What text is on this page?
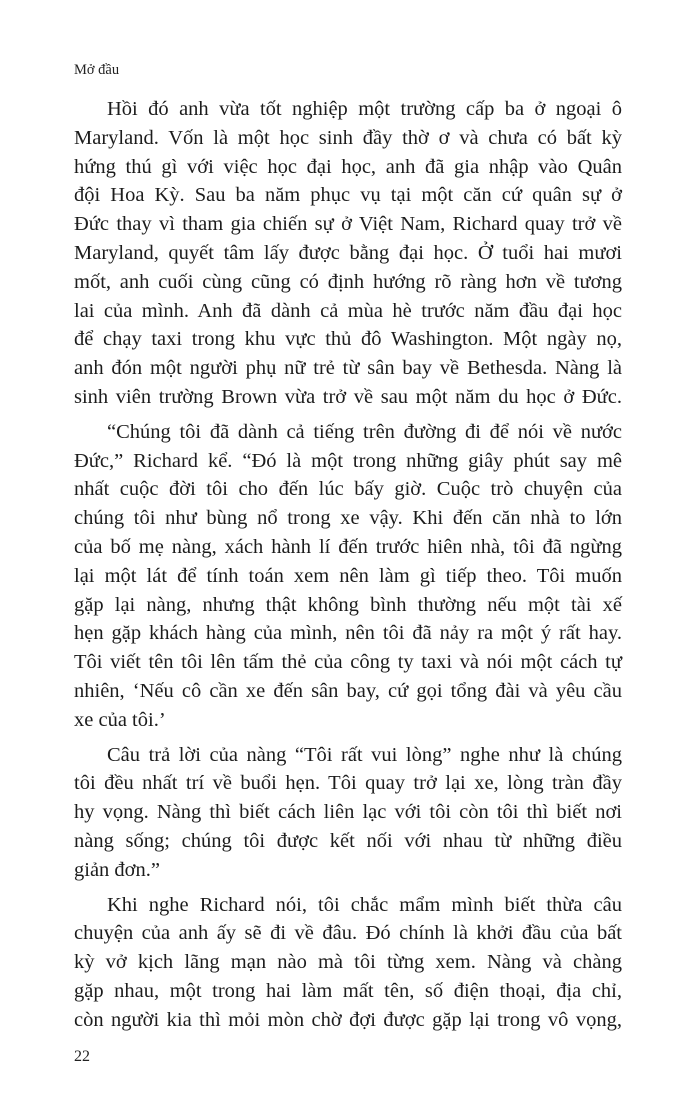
Mở đầu
Hồi đó anh vừa tốt nghiệp một trường cấp ba ở ngoại ô
Maryland. Vốn là một học sinh đầy thờ ơ và chưa có bất kỳ
hứng thú gì với việc học đại học, anh đã gia nhập vào Quân
đội Hoa Kỳ. Sau ba năm phục vụ tại một căn cứ quân sự ở
Đức thay vì tham gia chiến sự ở Việt Nam, Richard quay trở về
Maryland, quyết tâm lấy được bằng đại học. Ở tuổi hai mươi
mốt, anh cuối cùng cũng có định hướng rõ ràng hơn về tương
lai của mình. Anh đã dành cả mùa hè trước năm đầu đại học
để chạy taxi trong khu vực thủ đô Washington. Một ngày nọ,
anh đón một người phụ nữ trẻ từ sân bay về Bethesda. Nàng là
sinh viên trường Brown vừa trở về sau một năm du học ở Đức.
“Chúng tôi đã dành cả tiếng trên đường đi để nói về nước
Đức,” Richard kể. “Đó là một trong những giây phút say mê
nhất cuộc đời tôi cho đến lúc bấy giờ. Cuộc trò chuyện của
chúng tôi như bùng nổ trong xe vậy. Khi đến căn nhà to lớn
của bố mẹ nàng, xách hành lí đến trước hiên nhà, tôi đã ngừng
lại một lát để tính toán xem nên làm gì tiếp theo. Tôi muốn
gặp lại nàng, nhưng thật không bình thường nếu một tài xế
hẹn gặp khách hàng của mình, nên tôi đã nảy ra một ý rất hay.
Tôi viết tên tôi lên tấm thẻ của công ty taxi và nói một cách tự
nhiên, ‘Nếu cô cần xe đến sân bay, cứ gọi tổng đài và yêu cầu
xe của tôi.’
Câu trả lời của nàng “Tôi rất vui lòng” nghe như là chúng
tôi đều nhất trí về buổi hẹn. Tôi quay trở lại xe, lòng tràn đầy
hy vọng. Nàng thì biết cách liên lạc với tôi còn tôi thì biết nơi
nàng sống; chúng tôi được kết nối với nhau từ những điều
giản đơn.”
Khi nghe Richard nói, tôi chắc mẩm mình biết thừa câu
chuyện của anh ấy sẽ đi về đâu. Đó chính là khởi đầu của bất
kỳ vở kịch lãng mạn nào mà tôi từng xem. Nàng và chàng
gặp nhau, một trong hai làm mất tên, số điện thoại, địa chỉ,
còn người kia thì mỏi mòn chờ đợi được gặp lại trong vô vọng,
22
